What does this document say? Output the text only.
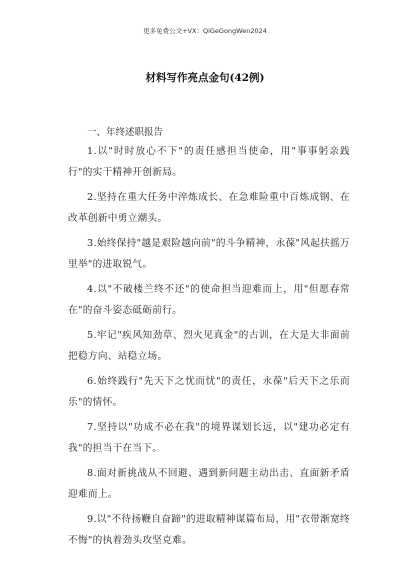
更多免费公文+VX：QiGeGongWen2024
材料写作亮点金句(42例)
一、年终述职报告

1.以"时时放心不下"的责任感担当使命，用"事事躬亲践行"的实干精神开创新局。

2.坚持在重大任务中淬炼成长、在急难险重中百炼成钢、在改革创新中勇立潮头。

3.始终保持"越是艰险越向前"的斗争精神，永葆"风起扶摇万里举"的进取锐气。

4.以"不破楼兰终不还"的使命担当迎难而上，用"但愿春常在"的奋斗姿态砥砺前行。

5.牢记"疾风知劲草、烈火见真金"的古训，在大是大非面前把稳方向、站稳立场。

6.始终践行"先天下之忧而忧"的责任，永葆"后天下之乐而乐"的情怀。

7.坚持以"功成不必在我"的境界谋划长远，以"建功必定有我"的担当干在当下。

8.面对新挑战从不回避、遇到新问题主动出击、直面新矛盾迎难而上。

9.以"不待扬鞭自奋蹄"的进取精神谋篇布局，用"衣带渐宽终不悔"的执着劲头攻坚克难。
